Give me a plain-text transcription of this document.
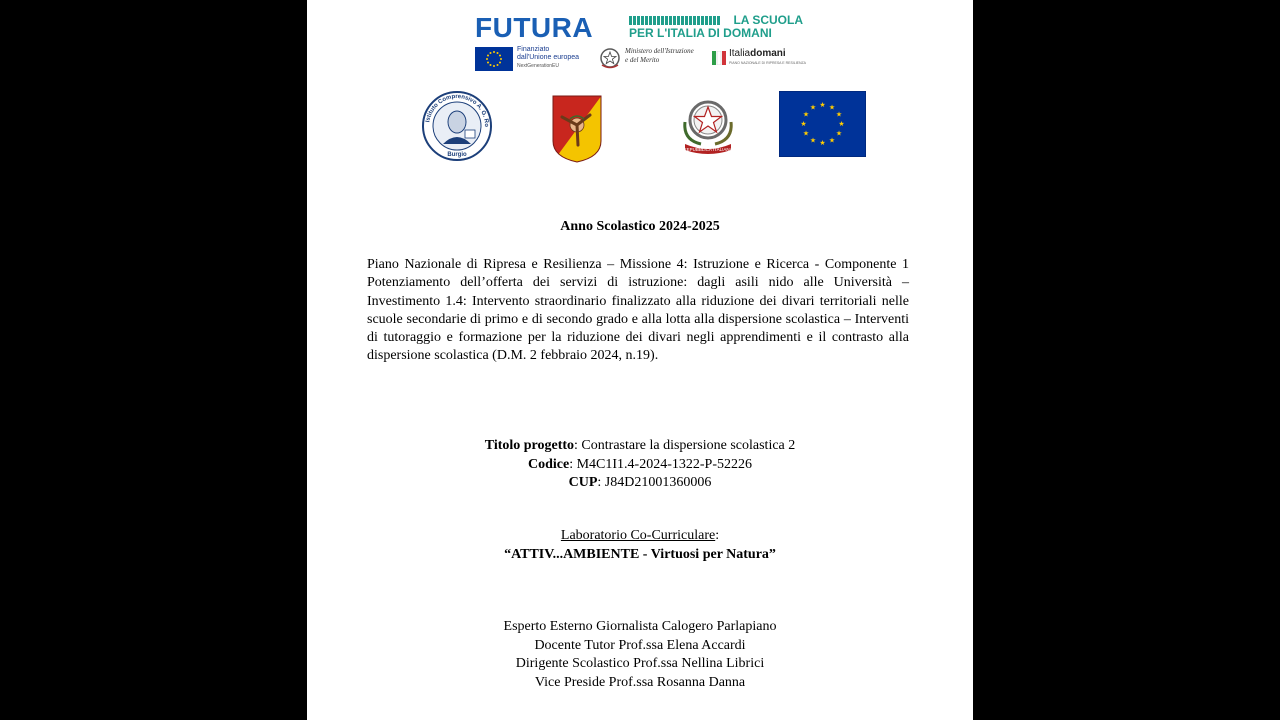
FUTURA	LA SCUOLA
PER L'ITALIA DI DOMANI
Finanziato
dall'Unione europea
NextGenerationEU
Ministero dell'Istruzione
e del Merito
Italiadomani
PIANO NAZIONALE DI RIPRESA E RESILIENZA
Istituto Comprensivo A. G. Ro
Burgio
REPUBBLICA ITALIANA
★ ★
★
★
★
★
★
★
★
★
★
★
Anno Scolastico 2024-2025

Piano Nazionale di Ripresa e Resilienza – Missione 4: Istruzione e Ricerca - Componente 1 Potenziamento dell’offerta dei servizi di istruzione: dagli asili nido alle Università – Investimento 1.4: Intervento straordinario finalizzato alla riduzione dei divari territoriali nelle scuole secondarie di primo e di secondo grado e alla lotta alla dispersione scolastica – Interventi di tutoraggio e formazione per la riduzione dei divari negli apprendimenti e il contrasto alla dispersione scolastica (D.M. 2 febbraio 2024, n.19).

Titolo progetto: Contrastare la dispersione scolastica 2
Codice: M4C1I1.4-2024-1322-P-52226
CUP: J84D21001360006
Laboratorio Co-Curriculare:
“ATTIV...AMBIENTE - Virtuosi per Natura”
Esperto Esterno Giornalista Calogero Parlapiano
Docente Tutor Prof.ssa Elena Accardi
Dirigente Scolastico Prof.ssa Nellina Librici
Vice Preside Prof.ssa Rosanna Danna
